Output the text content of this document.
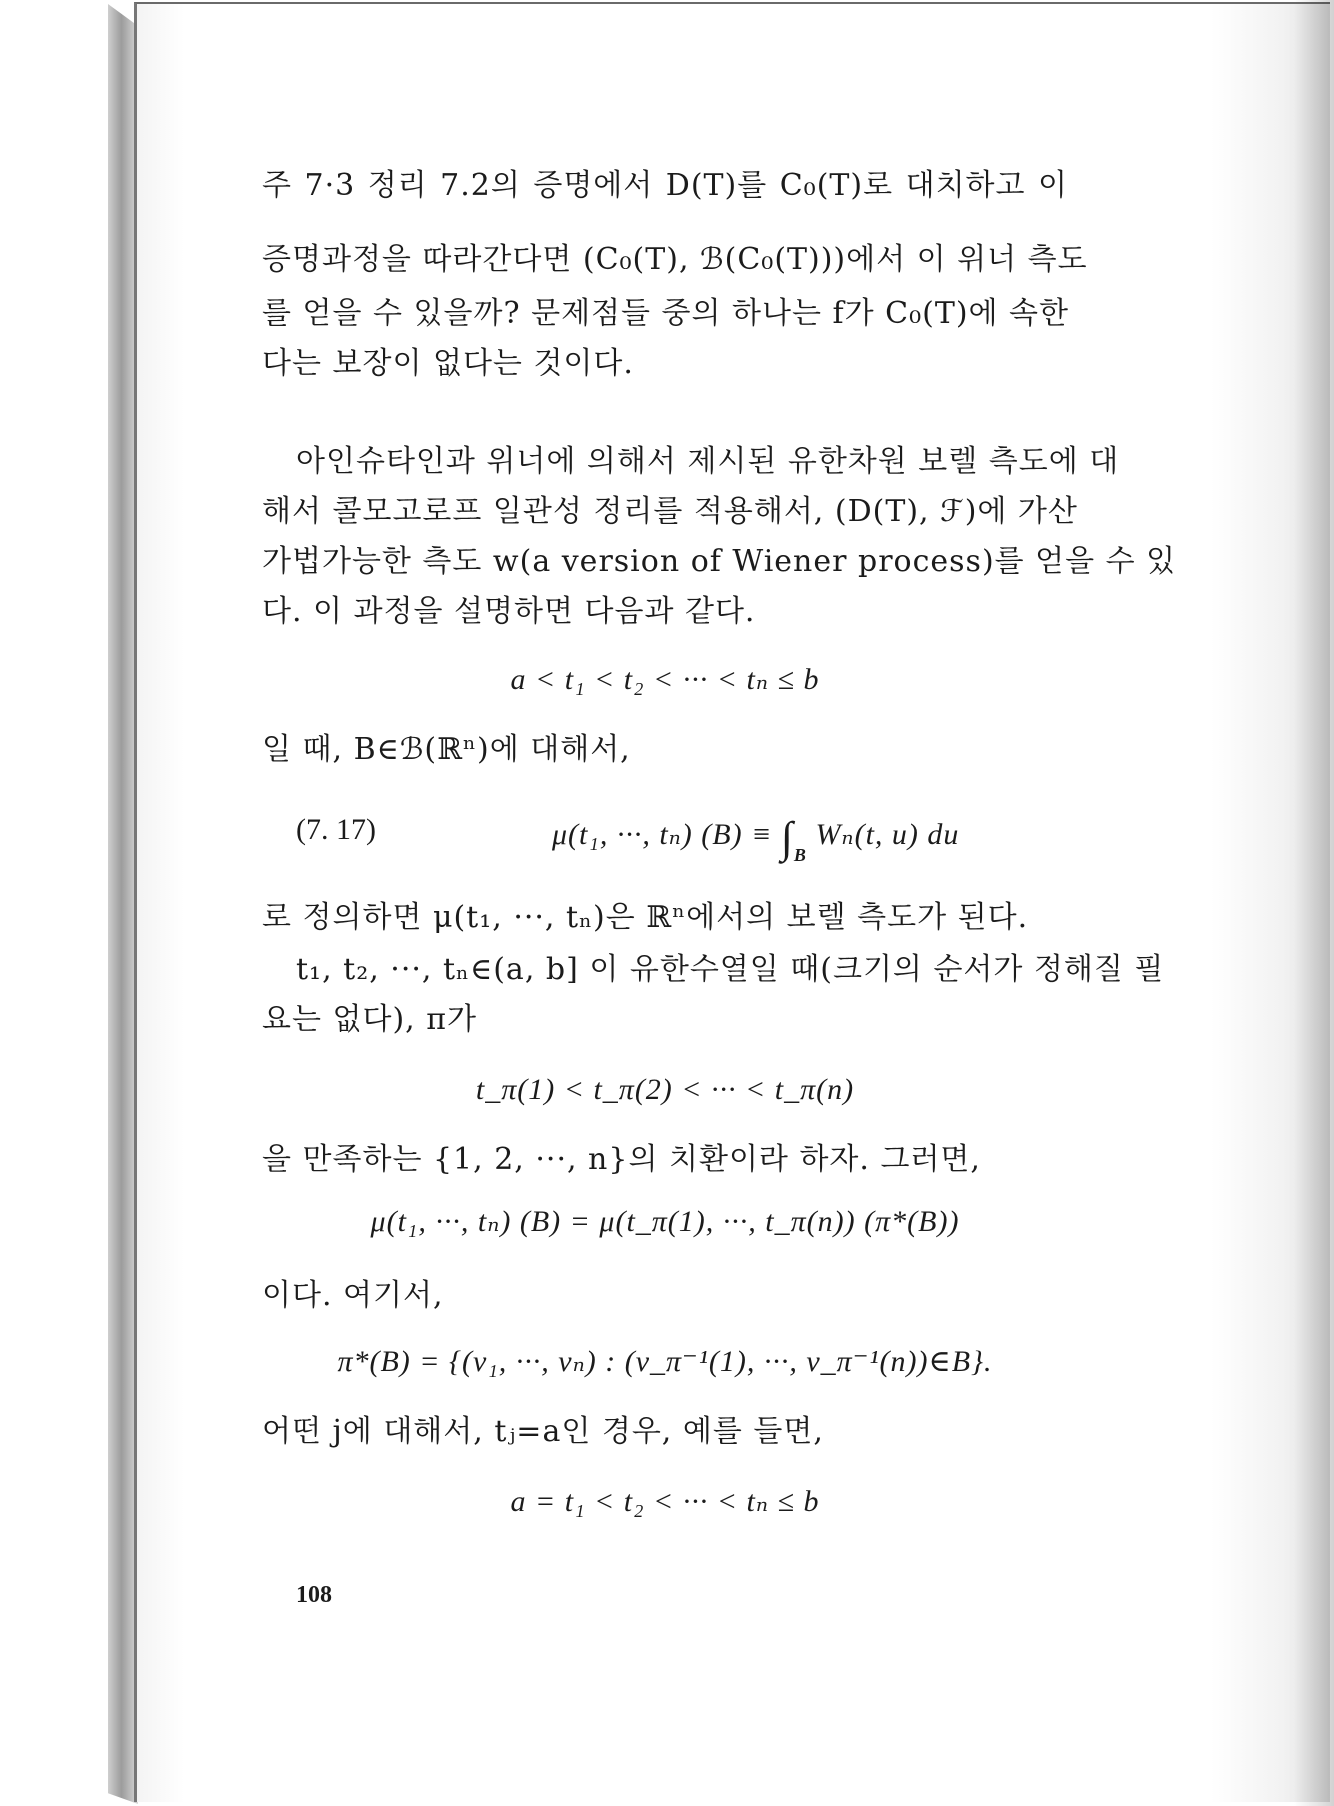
주 7·3 정리 7.2의 증명에서 D(T)를 C₀(T)로 대치하고 이
증명과정을 따라간다면 (C₀(T), ℬ(C₀(T)))에서 이 위너 측도
를 얻을 수 있을까? 문제점들 중의 하나는 f가 C₀(T)에 속한
다는 보장이 없다는 것이다.
아인슈타인과 위너에 의해서 제시된 유한차원 보렐 측도에 대
해서 콜모고로프 일관성 정리를 적용해서, (D(T), ℱ)에 가산
가법가능한 측도 w(a version of Wiener process)를 얻을 수 있
다. 이 과정을 설명하면 다음과 같다.
a < t₁ < t₂ < ··· < tₙ ≤ b
일 때, B∈ℬ(ℝⁿ)에 대해서,
(7. 17)	μ(t₁, ···, tₙ) $(B) \equiv \int_B$ Wₙ(t, u) du
로 정의하면 μ(t₁, ···, tₙ)은 ℝⁿ에서의 보렐 측도가 된다.
t₁, t₂, ···, tₙ∈(a, b] 이 유한수열일 때(크기의 순서가 정해질 필
요는 없다), π가
t_π(1) < t_π(2) < ··· < t_π(n)
을 만족하는 {1, 2, ···, n}의 치환이라 하자. 그러면,
μ(t₁, ···, tₙ) (B) = μ(t_π(1), ···, t_π(n)) (π*(B))
이다. 여기서,
π*(B) = {(v₁, ···, vₙ) : (v_π⁻¹(1), ···, v_π⁻¹(n))∈B}.
어떤 j에 대해서, tⱼ=a인 경우, 예를 들면,
a = t₁ < t₂ < ··· < tₙ ≤ b
108
